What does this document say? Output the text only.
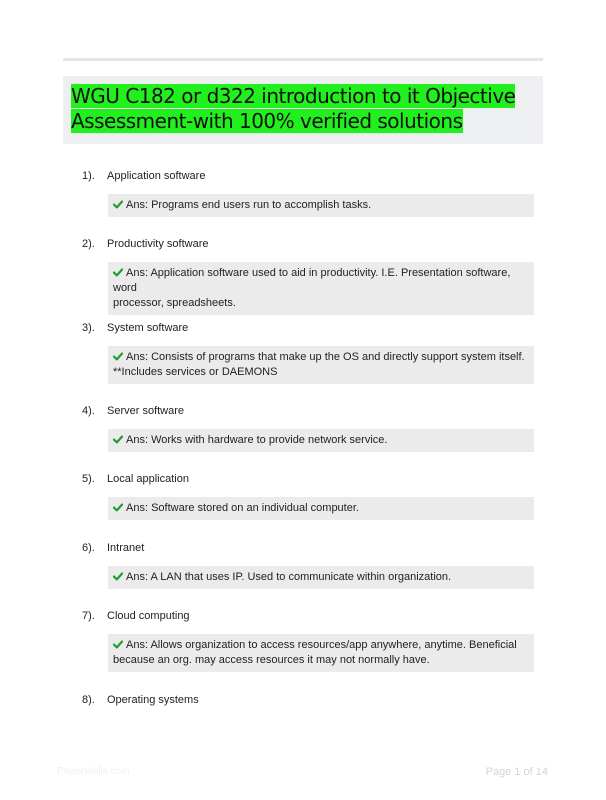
WGU C182 or d322 introduction to it Objective
Assessment-with 100% verified solutions
1). Application software
Ans: Programs end users run to accomplish tasks.
2). Productivity software
Ans: Application software used to aid in productivity. I.E. Presentation software, word
processor, spreadsheets.
3). System software
Ans: Consists of programs that make up the OS and directly support system itself.
**Includes services or DAEMONS
4). Server software
Ans: Works with hardware to provide network service.
5). Local application
Ans: Software stored on an individual computer.
6). Intranet
Ans: A LAN that uses IP. Used to communicate within organization.
7). Cloud computing
Ans: Allows organization to access resources/app anywhere, anytime. Beneficial
because an org. may access resources it may not normally have.
8). Operating systems
PaperWalls.com	Page 1 of 14
